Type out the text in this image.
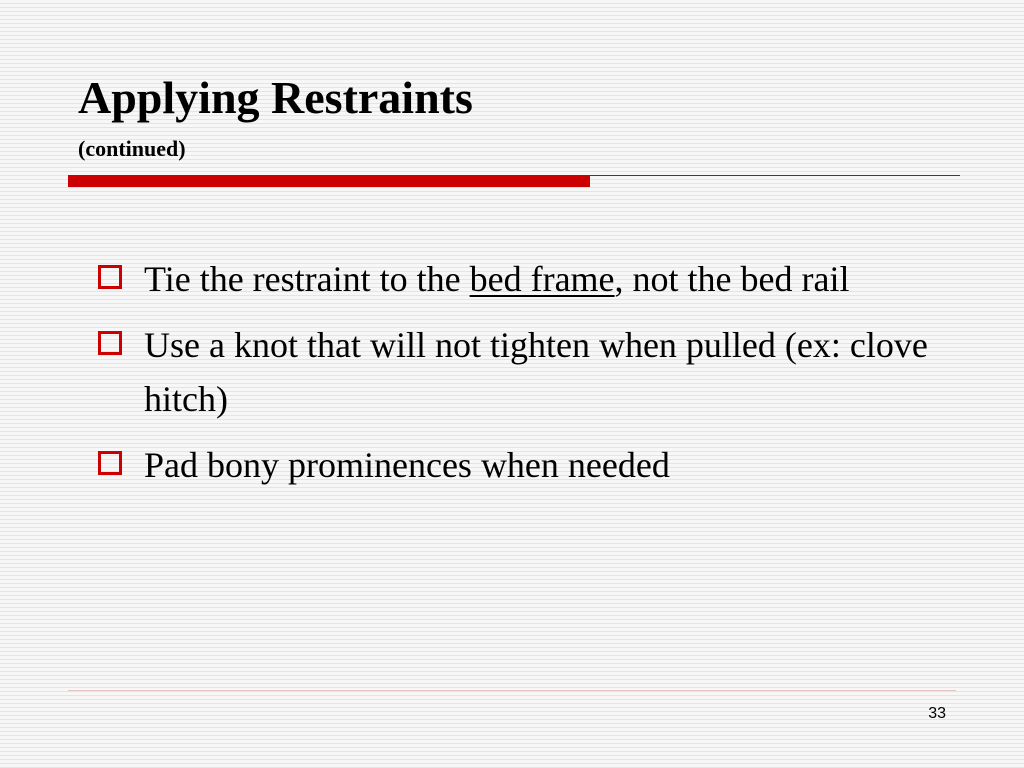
Applying Restraints
(continued)
Tie the restraint to the bed frame, not the bed rail
Use a knot that will not tighten when pulled (ex: clove hitch)
Pad bony prominences when needed
33
